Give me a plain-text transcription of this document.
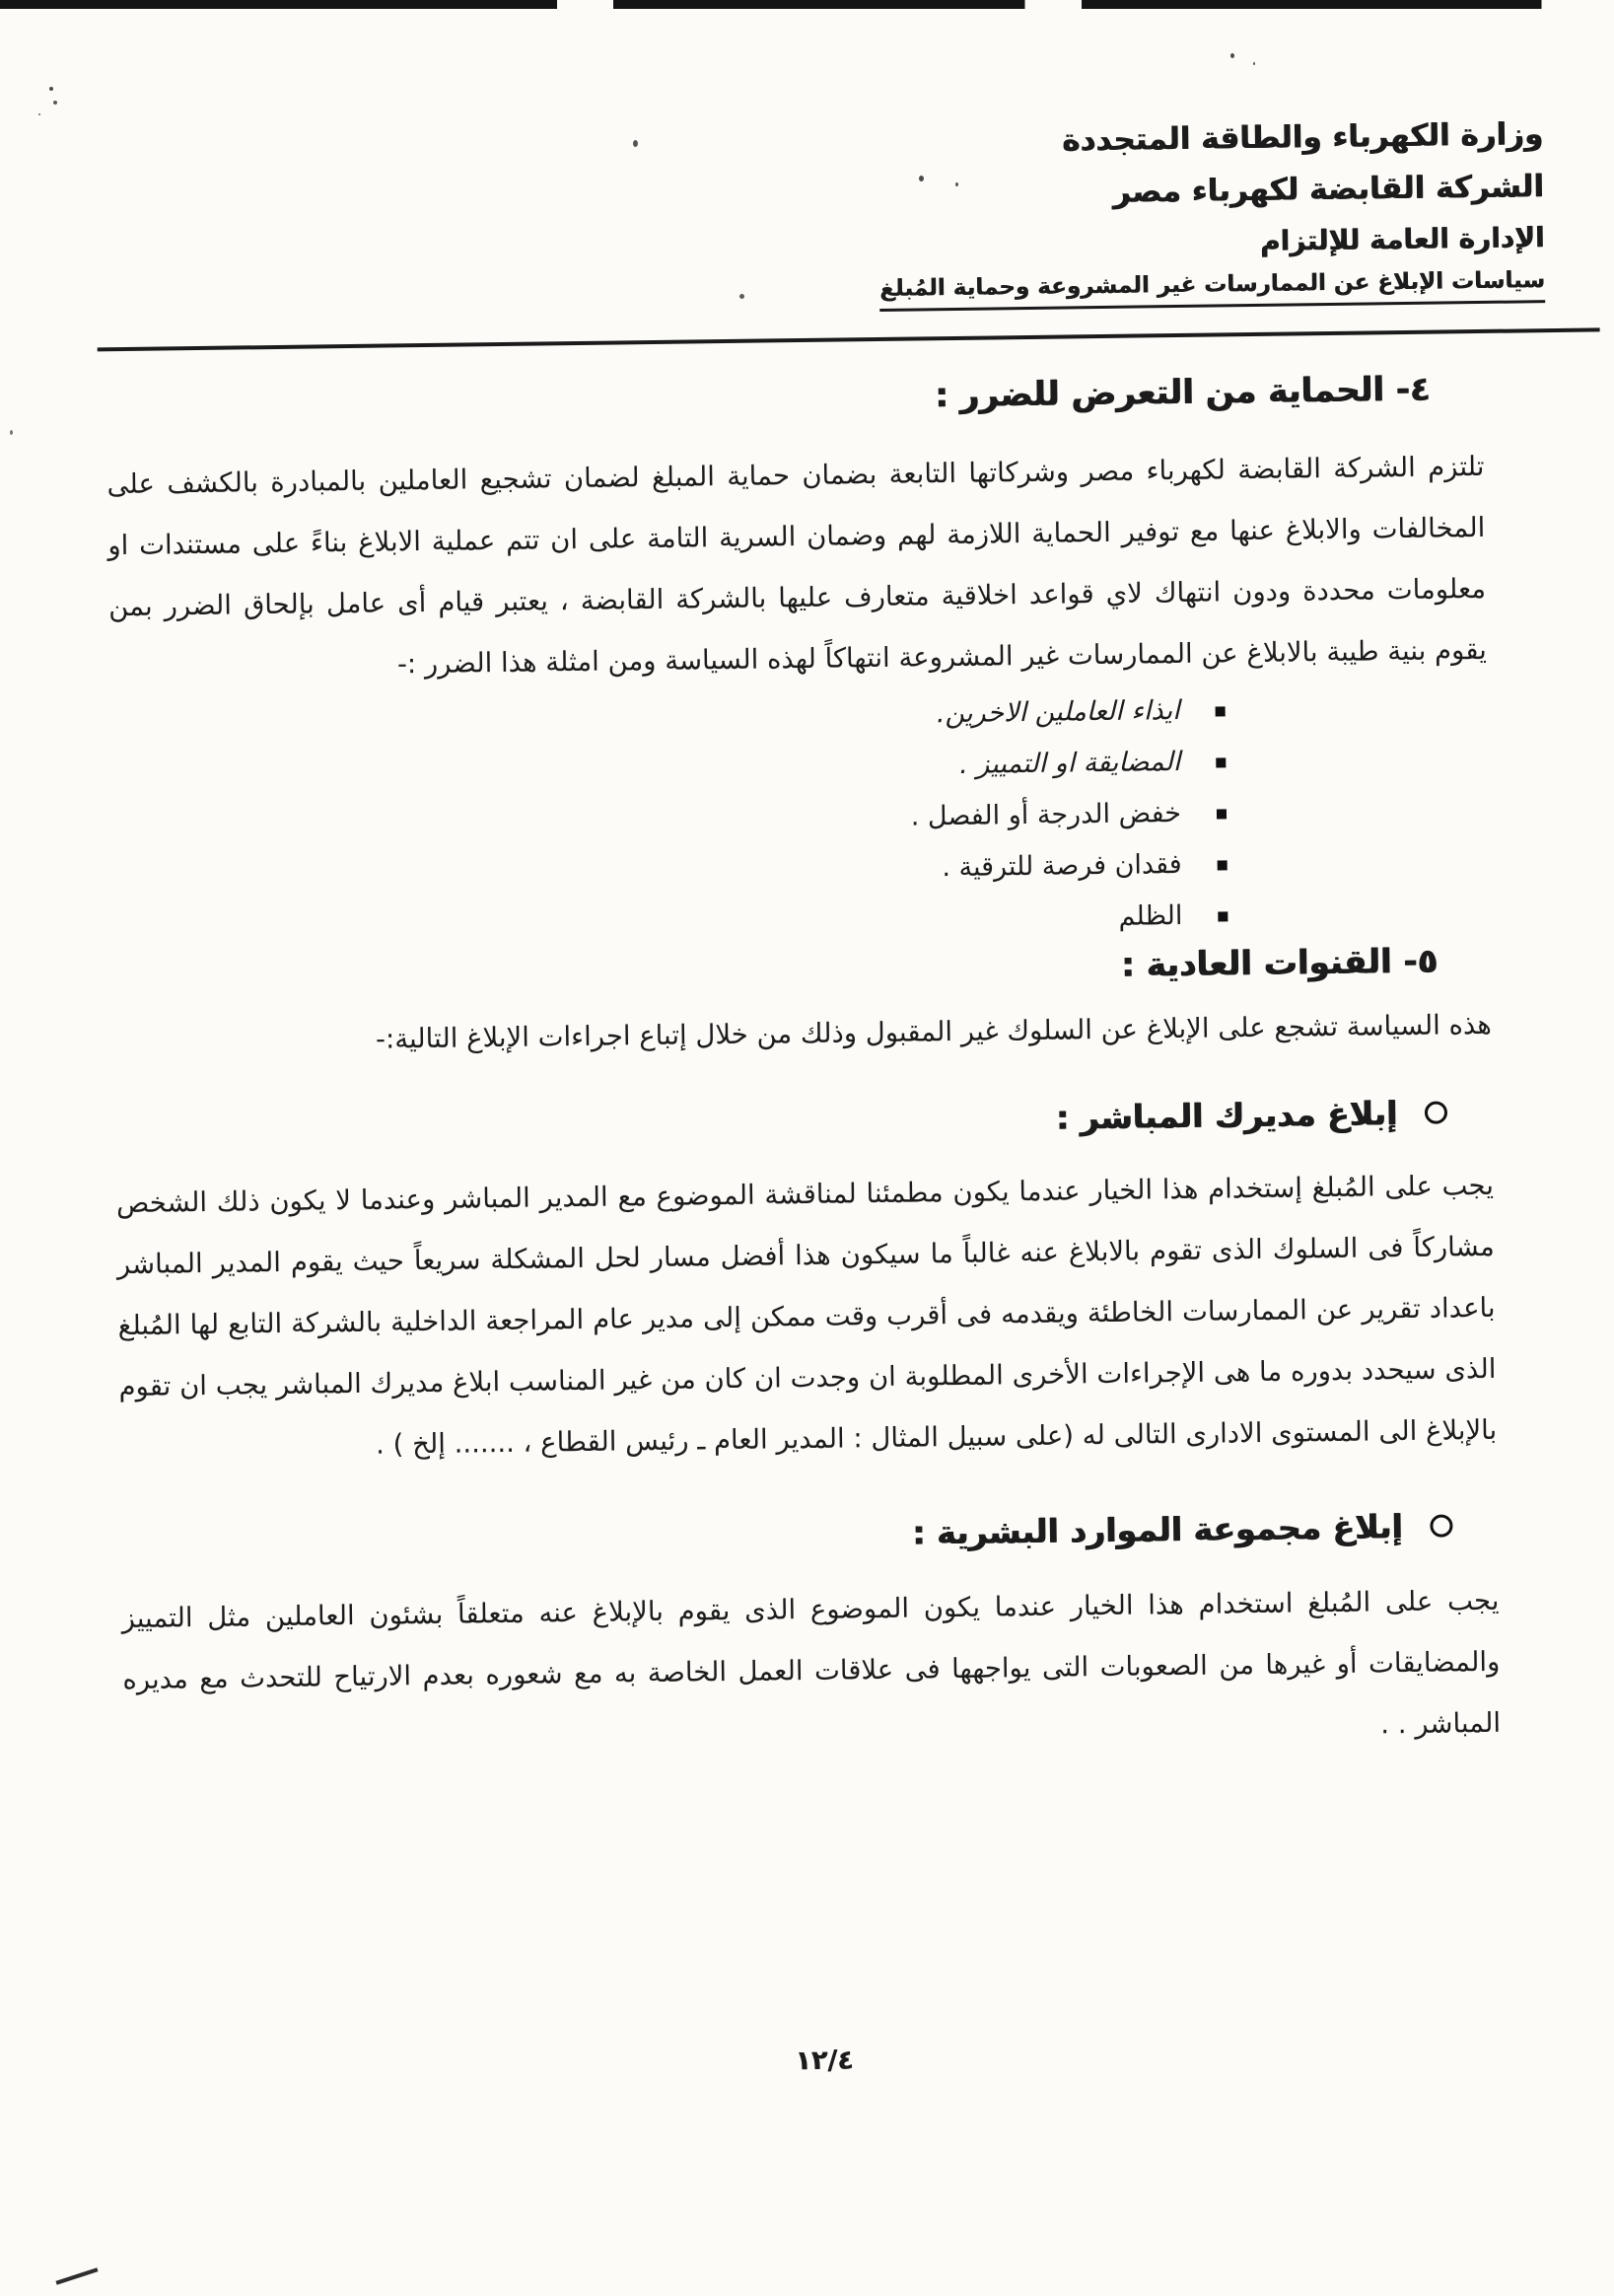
وزارة الكهرباء والطاقة المتجددة
الشركة القابضة لكهرباء مصر
الإدارة العامة للإلتزام
سياسات الإبلاغ عن الممارسات غير المشروعة وحماية المُبلغ
٤- الحماية من التعرض للضرر :

تلتزم الشركة القابضة لكهرباء مصر وشركاتها التابعة بضمان حماية المبلغ لضمان تشجيع العاملين بالمبادرة بالكشف على المخالفات والابلاغ عنها مع توفير الحماية اللازمة لهم وضمان السرية التامة على ان تتم عملية الابلاغ بناءً على مستندات او معلومات محددة ودون انتهاك لاي قواعد اخلاقية متعارف عليها بالشركة القابضة ، يعتبر قيام أى عامل بإلحاق الضرر بمن يقوم بنية طيبة بالابلاغ عن الممارسات غير المشروعة انتهاكاً لهذه السياسة ومن امثلة هذا الضرر :-

ايذاء العاملين الاخرين.
المضايقة او التمييز .
خفض الدرجة أو الفصل .
فقدان فرصة للترقية .
الظلم
٥- القنوات العادية :

هذه السياسة تشجع على الإبلاغ عن السلوك غير المقبول وذلك من خلال إتباع اجراءات الإبلاغ التالية:-

إبلاغ مديرك المباشر :

يجب على المُبلغ إستخدام هذا الخيار عندما يكون مطمئنا لمناقشة الموضوع مع المدير المباشر وعندما لا يكون ذلك الشخص مشاركاً فى السلوك الذى تقوم بالابلاغ عنه غالباً ما سيكون هذا أفضل مسار لحل المشكلة سريعاً حيث يقوم المدير المباشر باعداد تقرير عن الممارسات الخاطئة ويقدمه فى أقرب وقت ممكن إلى مدير عام المراجعة الداخلية بالشركة التابع لها المُبلغ الذى سيحدد بدوره ما هى الإجراءات الأخرى المطلوبة ان وجدت ان كان من غير المناسب ابلاغ مديرك المباشر يجب ان تقوم بالإبلاغ الى المستوى الادارى التالى له (على سبيل المثال : المدير العام ـ رئيس القطاع ، ....... إلخ ) .

إبلاغ مجموعة الموارد البشرية :

يجب على المُبلغ استخدام هذا الخيار عندما يكون الموضوع الذى يقوم بالإبلاغ عنه متعلقاً بشئون العاملين مثل التمييز والمضايقات أو غيرها من الصعوبات التى يواجهها فى علاقات العمل الخاصة به مع شعوره بعدم الارتياح للتحدث مع مديره المباشر . .

١٢/٤
